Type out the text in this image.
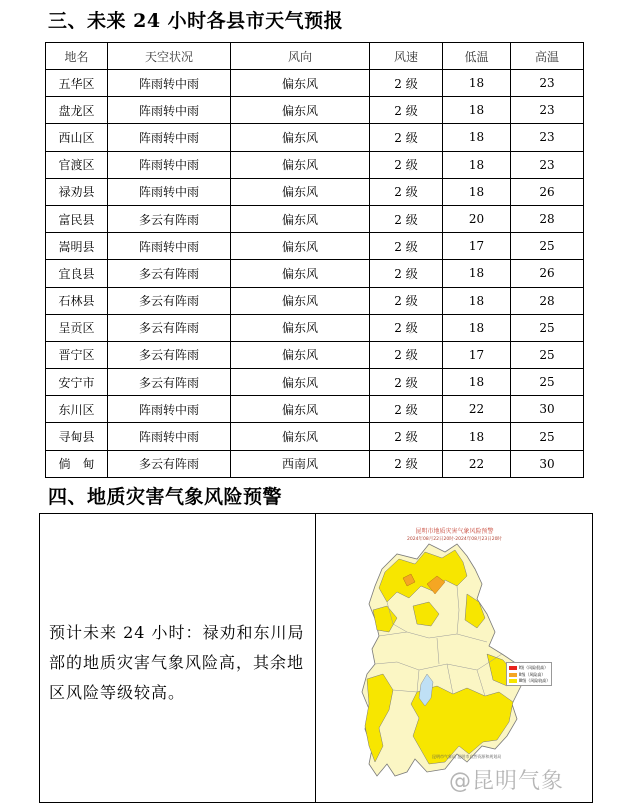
三、未来 24 小时各县市天气预报
地名	天空状况	风向	风速	低温	高温
五华区	阵雨转中雨	偏东风	2 级	18	23
盘龙区	阵雨转中雨	偏东风	2 级	18	23
西山区	阵雨转中雨	偏东风	2 级	18	23
官渡区	阵雨转中雨	偏东风	2 级	18	23
禄劝县	阵雨转中雨	偏东风	2 级	18	26
富民县	多云有阵雨	偏东风	2 级	20	28
嵩明县	阵雨转中雨	偏东风	2 级	17	25
宜良县	多云有阵雨	偏东风	2 级	18	26
石林县	多云有阵雨	偏东风	2 级	18	28
呈贡区	多云有阵雨	偏东风	2 级	18	25
晋宁区	多云有阵雨	偏东风	2 级	17	25
安宁市	多云有阵雨	偏东风	2 级	18	25
东川区	阵雨转中雨	偏东风	2 级	22	30
寻甸县	阵雨转中雨	偏东风	2 级	18	25
倘　甸	多云有阵雨	西南风	2 级	22	30
四、地质灾害气象风险预警
预计未来 24 小时：禄劝和东川局部的地质灾害气象风险高，其余地区风险等级较高。
昆明市地质灾害气象风险预警
2024年08月22日20时-2024年08月23日20时
I级（风险很高）
II级（风险高）
III级（风险较高）
昆明市气象局 昆明市自然资源和规划局
@昆明气象
